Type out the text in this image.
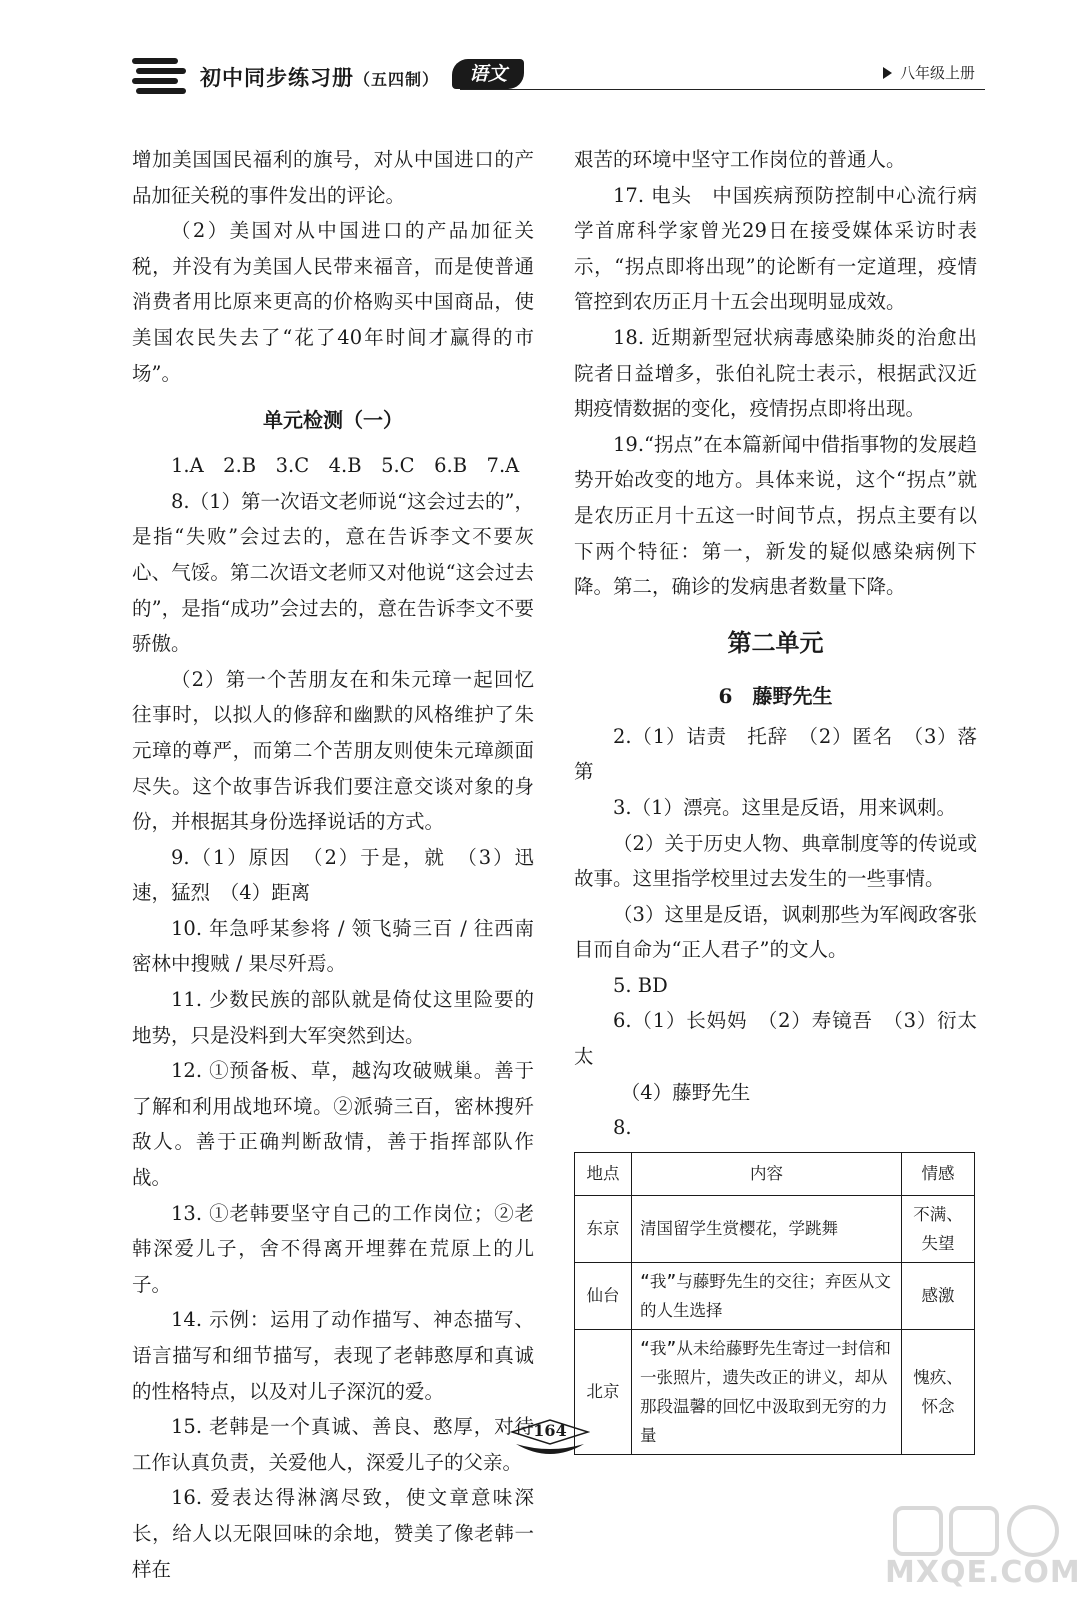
初中同步练习册（五四制）	语文	八年级上册

增加美国国民福利的旗号，对从中国进口的产品加征关税的事件发出的评论。

（2）美国对从中国进口的产品加征关税，并没有为美国人民带来福音，而是使普通消费者用比原来更高的价格购买中国商品，使美国农民失去了“花了40年时间才赢得的市场”。

单元检测（一）

1.A　2.B　3.C　4.B　5.C　6.B　7.A

8.（1）第一次语文老师说“这会过去的”，是指“失败”会过去的，意在告诉李文不要灰心、气馁。第二次语文老师又对他说“这会过去的”，是指“成功”会过去的，意在告诉李文不要骄傲。

（2）第一个苦朋友在和朱元璋一起回忆往事时，以拟人的修辞和幽默的风格维护了朱元璋的尊严，而第二个苦朋友则使朱元璋颜面尽失。这个故事告诉我们要注意交谈对象的身份，并根据其身份选择说话的方式。

9.（1）原因　（2）于是，就　（3）迅速，猛烈　（4）距离

10. 年急呼某参将 / 领飞骑三百 / 往西南密林中搜贼 / 果尽歼焉。

11. 少数民族的部队就是倚仗这里险要的地势，只是没料到大军突然到达。

12. ①预备板、草，越沟攻破贼巢。善于了解和利用战地环境。②派骑三百，密林搜歼敌人。善于正确判断敌情，善于指挥部队作战。

13. ①老韩要坚守自己的工作岗位；②老韩深爱儿子，舍不得离开埋葬在荒原上的儿子。

14. 示例：运用了动作描写、神态描写、语言描写和细节描写，表现了老韩憨厚和真诚的性格特点，以及对儿子深沉的爱。

15. 老韩是一个真诚、善良、憨厚，对待工作认真负责，关爱他人，深爱儿子的父亲。

16. 爱表达得淋漓尽致，使文章意味深长，给人以无限回味的余地，赞美了像老韩一样在

艰苦的环境中坚守工作岗位的普通人。

17. 电头　中国疾病预防控制中心流行病学首席科学家曾光29日在接受媒体采访时表示，“拐点即将出现”的论断有一定道理，疫情管控到农历正月十五会出现明显成效。

18. 近期新型冠状病毒感染肺炎的治愈出院者日益增多，张伯礼院士表示，根据武汉近期疫情数据的变化，疫情拐点即将出现。

19.“拐点”在本篇新闻中借指事物的发展趋势开始改变的地方。具体来说，这个“拐点”就是农历正月十五这一时间节点，拐点主要有以下两个特征：第一，新发的疑似感染病例下降。第二，确诊的发病患者数量下降。

第二单元
6　藤野先生

2.（1）诘责　托辞　（2）匿名　（3）落第

3.（1）漂亮。这里是反语，用来讽刺。

（2）关于历史人物、典章制度等的传说或故事。这里指学校里过去发生的一些事情。

（3）这里是反语，讽刺那些为军阀政客张目而自命为“正人君子”的文人。

5. BD

6.（1）长妈妈　（2）寿镜吾　（3）衍太太

（4）藤野先生

8.

地点	内容	情感
东京	清国留学生赏樱花，学跳舞	不满、失望
仙台	“我”与藤野先生的交往；弃医从文的人生选择	感激
北京	“我”从未给藤野先生寄过一封信和一张照片，遗失改正的讲义，却从那段温馨的回忆中汲取到无穷的力量	愧疚、怀念
164
MXQE.COM
